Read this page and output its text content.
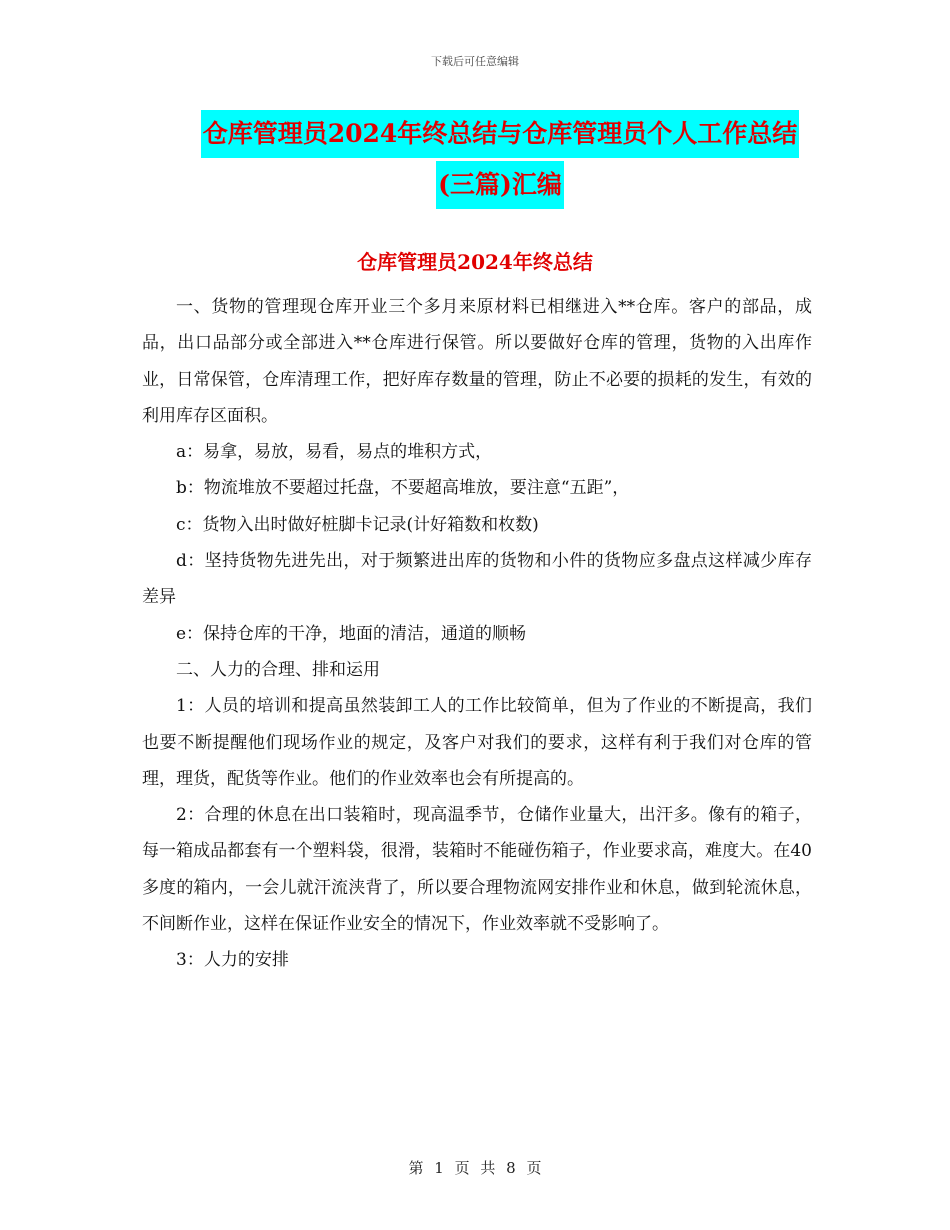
下载后可任意编辑
仓库管理员2024年终总结与仓库管理员个人工作总结
(三篇)汇编
仓库管理员2024年终总结

一、货物的管理现仓库开业三个多月来原材料已相继进入**仓库。客户的部品，成品，出口品部分或全部进入**仓库进行保管。所以要做好仓库的管理，货物的入出库作业，日常保管，仓库清理工作，把好库存数量的管理，防止不必要的损耗的发生，有效的利用库存区面积。

a：易拿，易放，易看，易点的堆积方式，

b：物流堆放不要超过托盘，不要超高堆放，要注意“五距”，

c：货物入出时做好桩脚卡记录(计好箱数和枚数)

d：坚持货物先进先出，对于频繁进出库的货物和小件的货物应多盘点这样减少库存差异

e：保持仓库的干净，地面的清洁，通道的顺畅

二、人力的合理、排和运用

1：人员的培训和提高虽然装卸工人的工作比较简单，但为了作业的不断提高，我们也要不断提醒他们现场作业的规定，及客户对我们的要求，这样有利于我们对仓库的管理，理货，配货等作业。他们的作业效率也会有所提高的。

2：合理的休息在出口装箱时，现高温季节，仓储作业量大，出汗多。像有的箱子，每一箱成品都套有一个塑料袋，很滑，装箱时不能碰伤箱子，作业要求高，难度大。在40多度的箱内，一会儿就汗流浃背了，所以要合理物流网安排作业和休息，做到轮流休息，不间断作业，这样在保证作业安全的情况下，作业效率就不受影响了。

3：人力的安排

第 1 页 共 8 页
